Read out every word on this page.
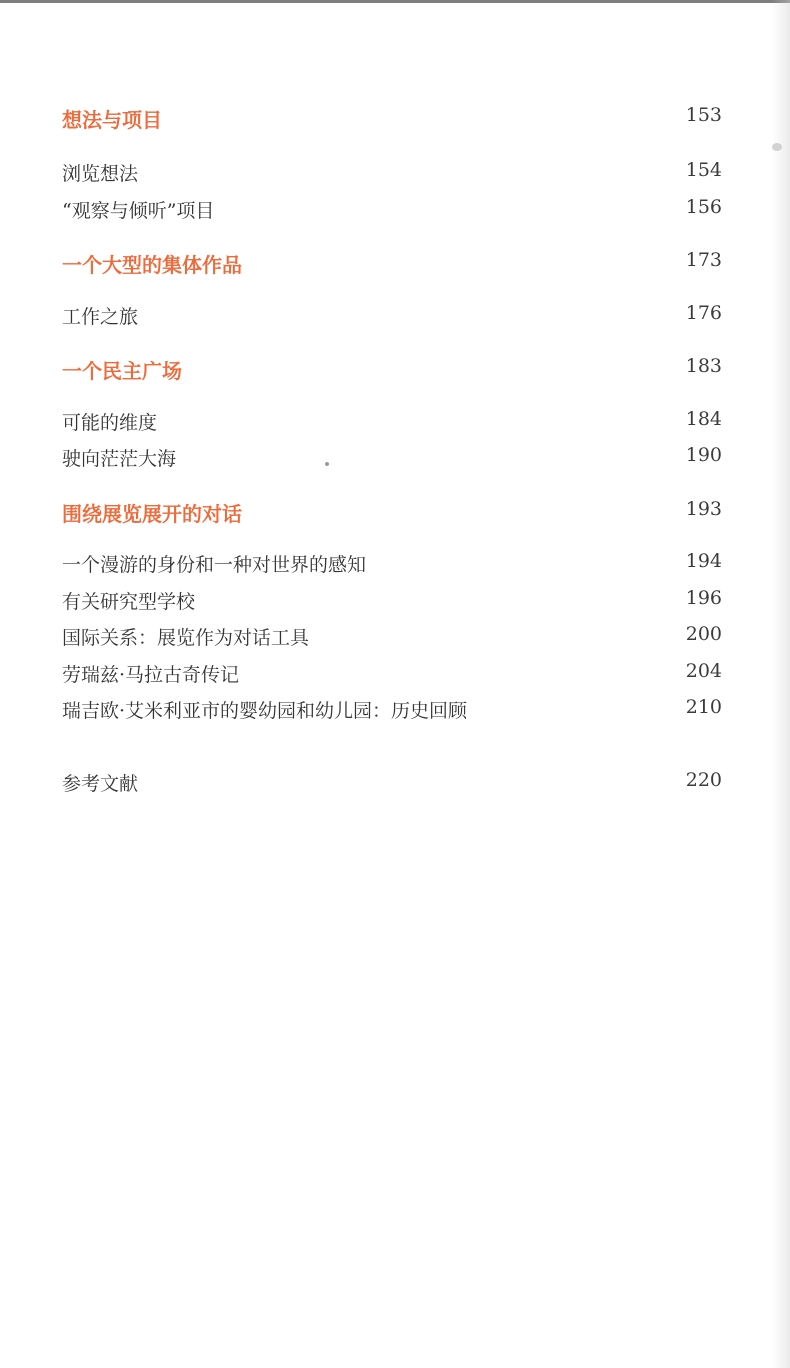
想法与项目	153
浏览想法	154
“观察与倾听”项目	156
一个大型的集体作品	173
工作之旅	176
一个民主广场	183
可能的维度	184
驶向茫茫大海	190
围绕展览展开的对话	193
一个漫游的身份和一种对世界的感知	194
有关研究型学校	196
国际关系：展览作为对话工具	200
劳瑞兹·马拉古奇传记	204
瑞吉欧·艾米利亚市的婴幼园和幼儿园：历史回顾	210
参考文献	220
